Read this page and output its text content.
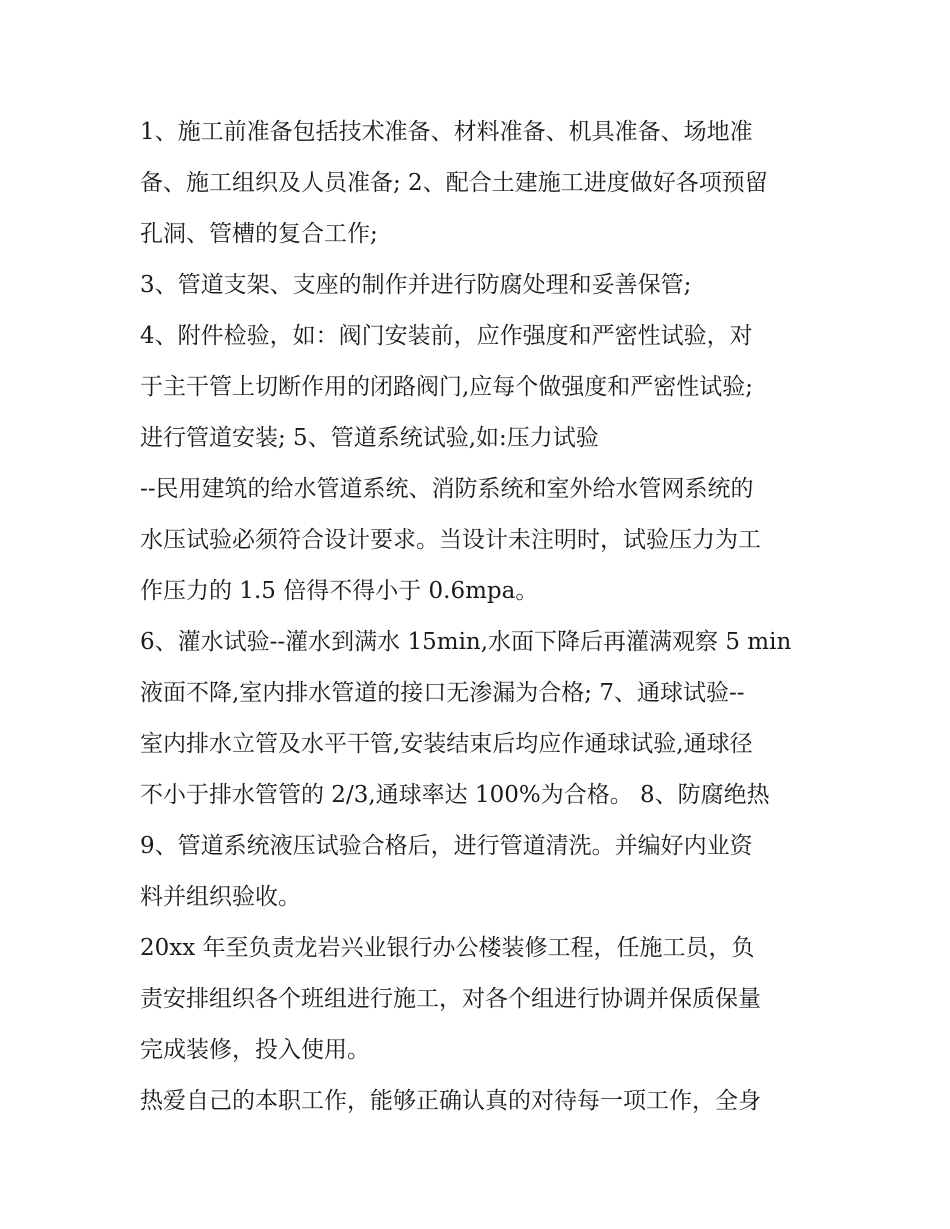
1、施工前准备包括技术准备、材料准备、机具准备、场地准
备、施工组织及人员准备; 2、配合土建施工进度做好各项预留
孔洞、管槽的复合工作;
3、管道支架、支座的制作并进行防腐处理和妥善保管;
4、附件检验，如：阀门安装前，应作强度和严密性试验，对
于主干管上切断作用的闭路阀门,应每个做强度和严密性试验;
进行管道安装; 5、管道系统试验,如:压力试验
--民用建筑的给水管道系统、消防系统和室外给水管网系统的
水压试验必须符合设计要求。当设计未注明时，试验压力为工
作压力的 1.5 倍得不得小于 0.6mpa。
6、灌水试验--灌水到满水 15min,水面下降后再灌满观察 5 min
液面不降,室内排水管道的接口无渗漏为合格; 7、通球试验--
室内排水立管及水平干管,安装结束后均应作通球试验,通球径
不小于排水管管的 2/3,通球率达 100%为合格。 8、防腐绝热
9、管道系统液压试验合格后，进行管道清洗。并编好内业资
料并组织验收。
20xx 年至负责龙岩兴业银行办公楼装修工程，任施工员，负
责安排组织各个班组进行施工，对各个组进行协调并保质保量
完成装修，投入使用。
热爱自己的本职工作，能够正确认真的对待每一项工作，全身
